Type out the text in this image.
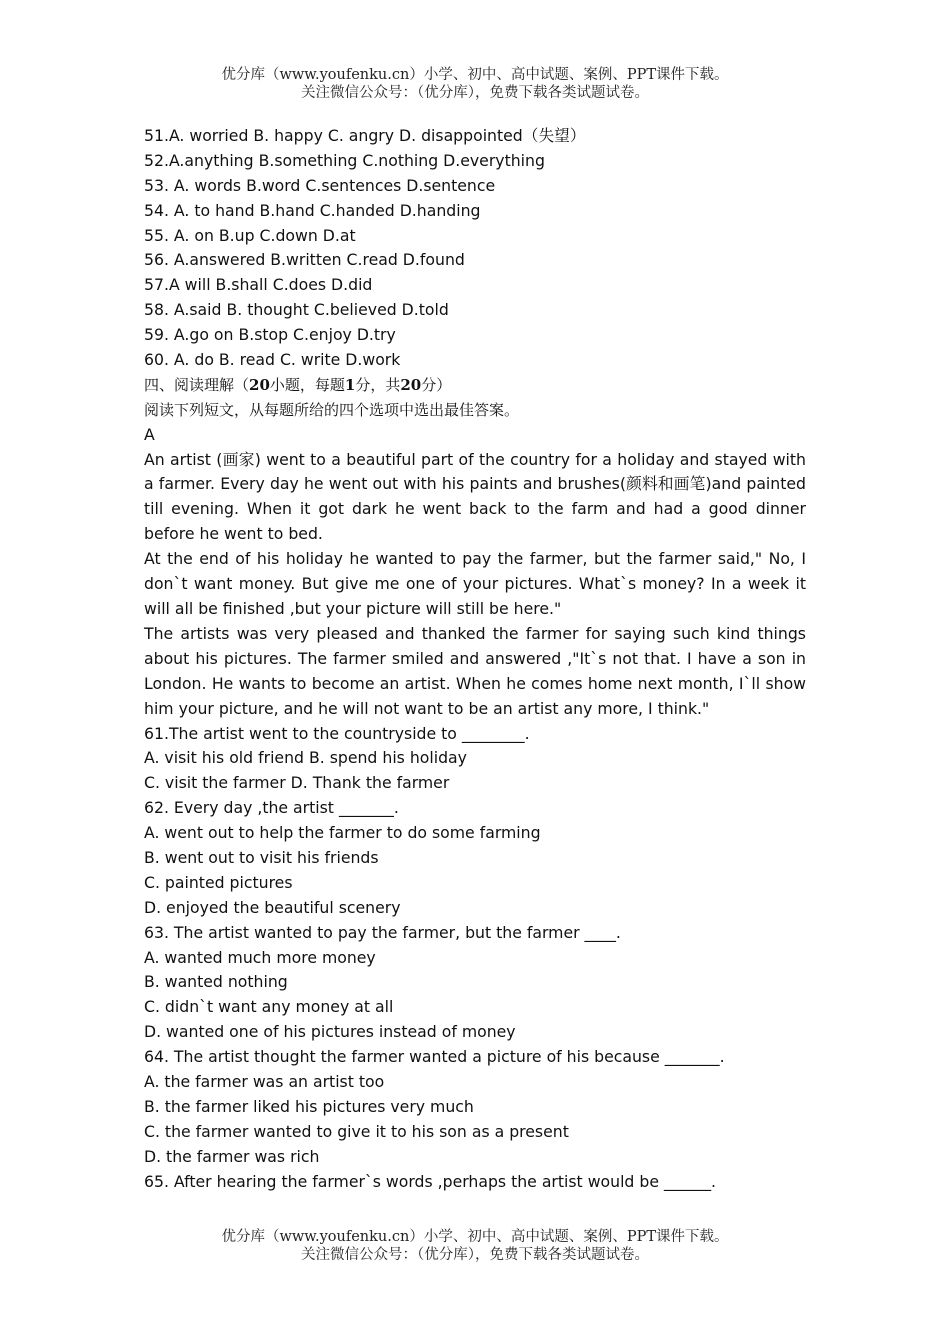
优分库（www.youfenku.cn）小学、初中、高中试题、案例、PPT课件下载。
关注微信公众号：（优分库），免费下载各类试题试卷。
51.A. worried B. happy C. angry D. disappointed（失望）
52.A.anything B.something C.nothing D.everything
53. A. words B.word C.sentences D.sentence
54. A. to hand B.hand C.handed D.handing
55. A. on B.up C.down D.at
56. A.answered B.written C.read D.found
57.A will B.shall C.does D.did
58. A.said B. thought C.believed D.told
59. A.go on B.stop C.enjoy D.try
60. A. do B. read C. write D.work
四、阅读理解（20小题，每题1分，共20分）
阅读下列短文，从每题所给的四个选项中选出最佳答案。
A
An artist (画家) went to a beautiful part of the country for a holiday and stayed with a farmer. Every day he went out with his paints and brushes(颜料和画笔)and painted till evening. When it got dark he went back to the farm and had a good dinner before he went to bed.
At the end of his holiday he wanted to pay the farmer, but the farmer said," No, I don`t want money. But give me one of your pictures. What`s money? In a week it will all be finished ,but your picture will still be here."
The artists was very pleased and thanked the farmer for saying such kind things about his pictures. The farmer smiled and answered ,"It`s not that. I have a son in London. He wants to become an artist. When he comes home next month, I`ll show him your picture, and he will not want to be an artist any more, I think."
61.The artist went to the countryside to ________.
A. visit his old friend B. spend his holiday
C. visit the farmer D. Thank the farmer
62. Every day ,the artist _______.
A. went out to help the farmer to do some farming
B. went out to visit his friends
C. painted pictures
D. enjoyed the beautiful scenery
63. The artist wanted to pay the farmer, but the farmer ____.
A. wanted much more money
B. wanted nothing
C. didn`t want any money at all
D. wanted one of his pictures instead of money
64. The artist thought the farmer wanted a picture of his because _______.
A. the farmer was an artist too
B. the farmer liked his pictures very much
C. the farmer wanted to give it to his son as a present
D. the farmer was rich
65. After hearing the farmer`s words ,perhaps the artist would be ______.
优分库（www.youfenku.cn）小学、初中、高中试题、案例、PPT课件下载。
关注微信公众号：（优分库），免费下载各类试题试卷。
